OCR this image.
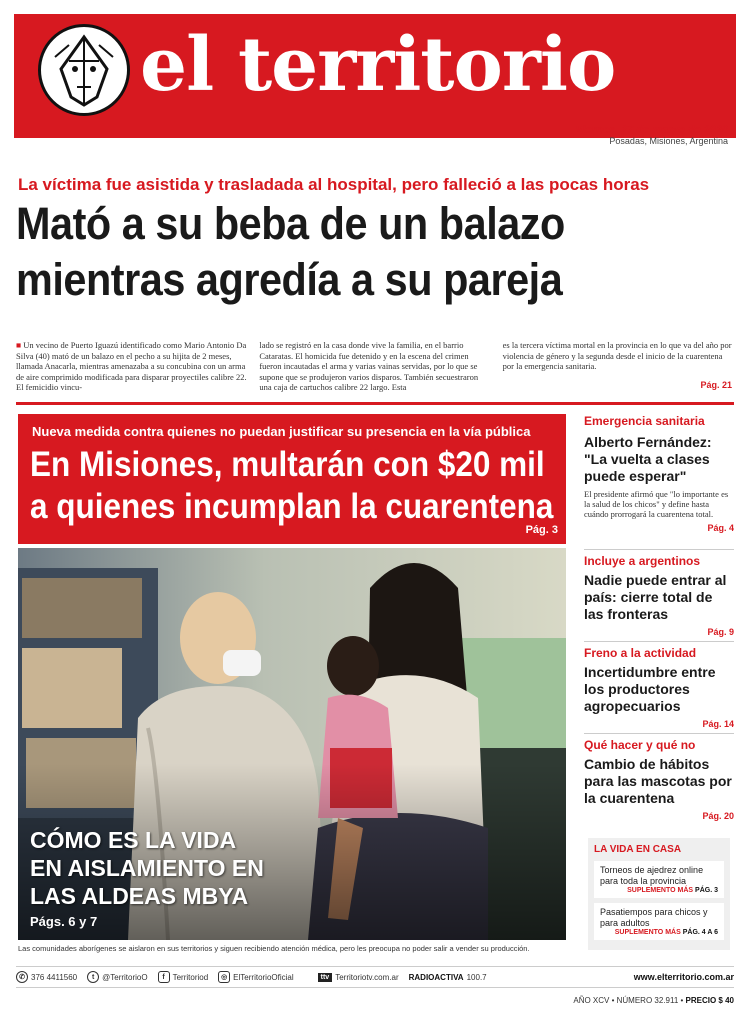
el territorio
Viernes, 27 de marzo de 2020
Posadas, Misiones, Argentina
La víctima fue asistida y trasladada al hospital, pero falleció a las pocas horas
Mató a su beba de un balazo
mientras agredía a su pareja
■ Un vecino de Puerto Iguazú identificado como Mario Antonio Da Silva (40) mató de un balazo en el pecho a su hijita de 2 meses, llamada Anacarla, mientras amenazaba a su concubina con un arma de aire comprimido modificada para disparar proyectiles calibre 22. El femicidio vincu-
lado se registró en la casa donde vive la familia, en el barrio Cataratas. El homicida fue detenido y en la escena del crimen fueron incautadas el arma y varias vainas servidas, por lo que se supone que se produjeron varios disparos. También secuestraron una caja de cartuchos calibre 22 largo. Esta
es la tercera víctima mortal en la provincia en lo que va del año por violencia de género y la segunda desde el inicio de la cuarentena por la emergencia sanitaria.
Pág. 21
Nueva medida contra quienes no puedan justificar su presencia en la vía pública
En Misiones, multarán con $20 mil
a quienes incumplan la cuarentena
Pág. 3
CÓMO ES LA VIDA
EN AISLAMIENTO EN
LAS ALDEAS MBYA
Págs. 6 y 7
Las comunidades aborígenes se aislaron en sus territorios y siguen recibiendo atención médica, pero les preocupa no poder salir a vender su producción.
Emergencia sanitaria
Alberto Fernández: "La vuelta a clases puede esperar"
El presidente afirmó que "lo importante es la salud de los chicos" y define hasta cuándo prorrogará la cuarentena total.
Pág. 4
Incluye a argentinos
Nadie puede entrar al país: cierre total de las fronteras
Pág. 9
Freno a la actividad
Incertidumbre entre los productores agropecuarios
Pág. 14
Qué hacer y qué no
Cambio de hábitos para las mascotas por la cuarentena
Pág. 20
LA VIDA EN CASA
Torneos de ajedrez online para toda la provincia
SUPLEMENTO MÁS PÁG. 3
Pasatiempos para chicos y para adultos
SUPLEMENTO MÁS PÁG. 4 A 6
✆ 376 4411560	t @TerritorioO	f Territoriod	◎ ElTerritorioOficial	ttv Territoriotv.com.ar RADIOACTIVA 100.7	www.elterritorio.com.ar
AÑO XCV • NÚMERO 32.911 • PRECIO $ 40
